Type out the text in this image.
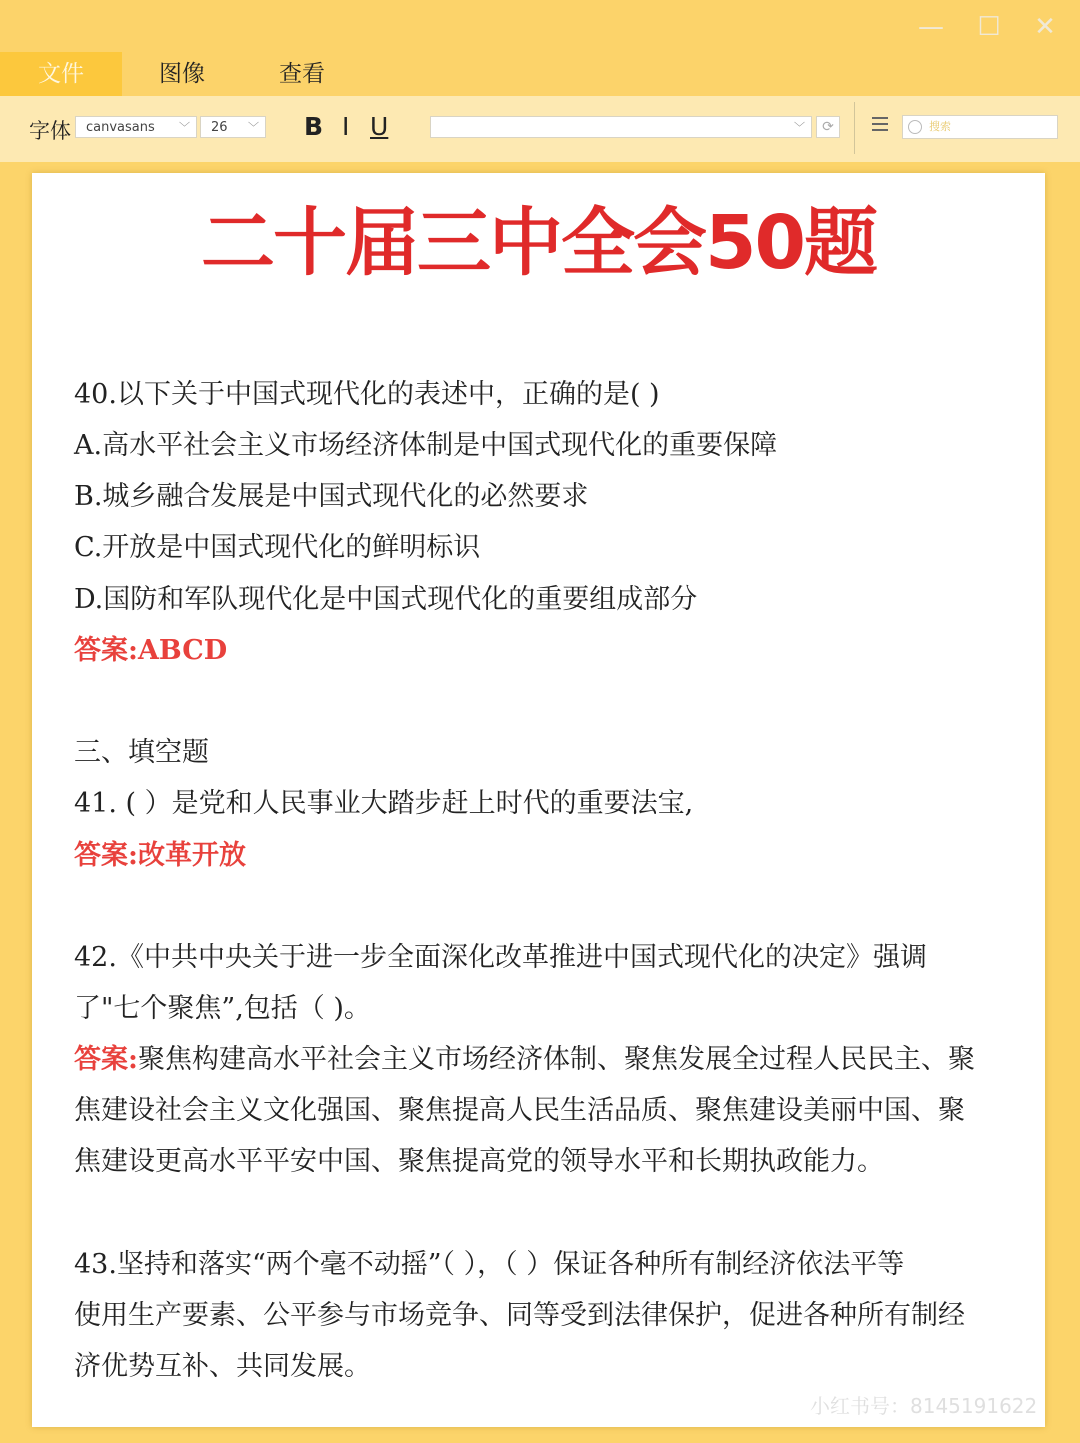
— ☐ ✕
文件	图像	查看
字体	canvasans ﹀	26 ﹀ B I U	﹀	⟳	搜索
二十届三中全会50题
40.以下关于中国式现代化的表述中，正确的是( )
A.高水平社会主义市场经济体制是中国式现代化的重要保障
B.城乡融合发展是中国式现代化的必然要求
C.开放是中国式现代化的鲜明标识
D.国防和军队现代化是中国式现代化的重要组成部分
答案:ABCD
三、填空题
41. ( ）是党和人民事业大踏步赶上时代的重要法宝,
答案:改革开放
42.《中共中央关于进一步全面深化改革推进中国式现代化的决定》强调
了"七个聚焦”,包括（ )。
答案:聚焦构建高水平社会主义市场经济体制、聚焦发展全过程人民民主、聚
焦建设社会主义文化强国、聚焦提高人民生活品质、聚焦建设美丽中国、聚
焦建设更高水平平安中国、聚焦提高党的领导水平和长期执政能力。
43.坚持和落实“两个毫不动摇”（ ），（ ）保证各种所有制经济依法平等
使用生产要素、公平参与市场竞争、同等受到法律保护，促进各种所有制经
济优势互补、共同发展。
小红书号：8145191622
